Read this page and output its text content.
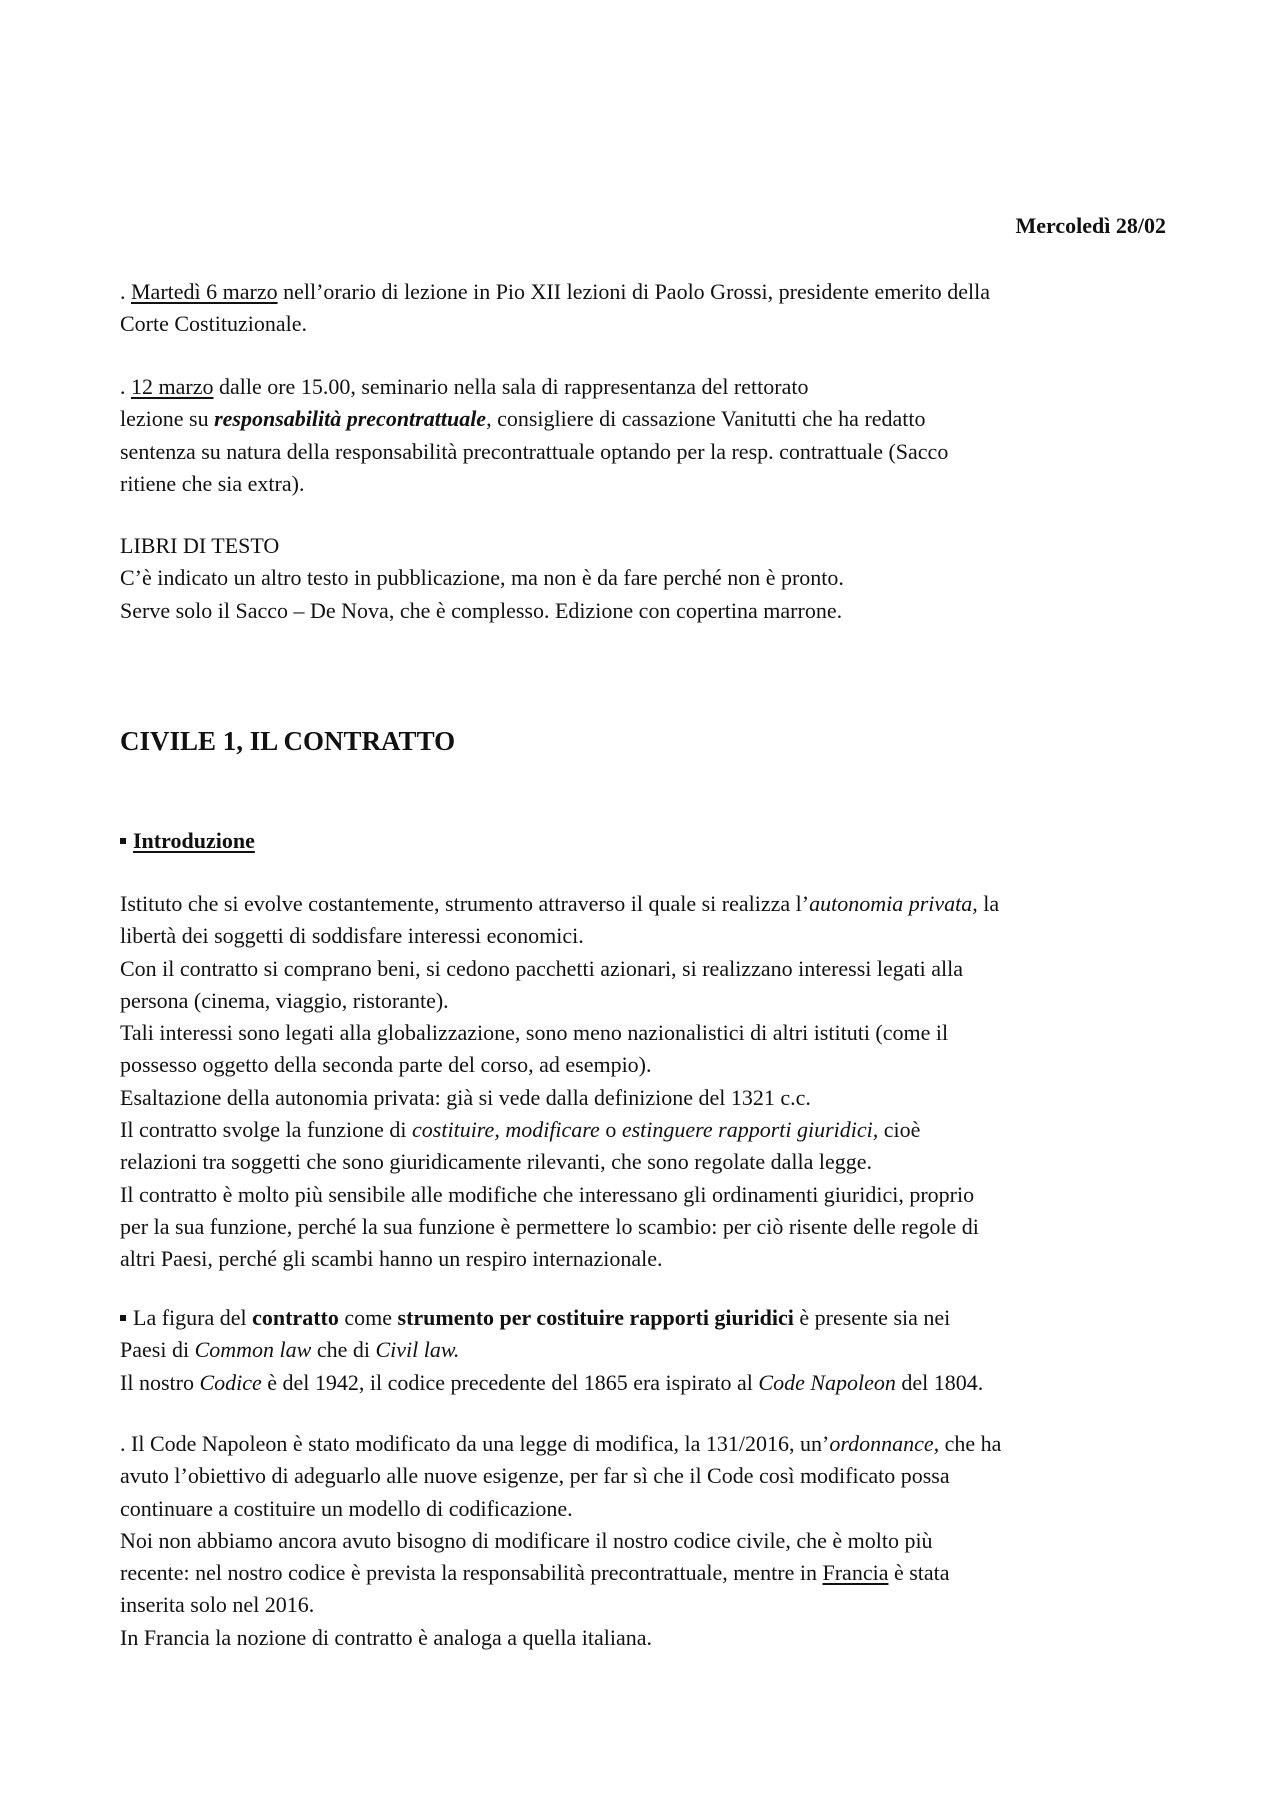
Mercoledì 28/02
. Martedì 6 marzo nell’orario di lezione in Pio XII lezioni di Paolo Grossi, presidente emerito della
Corte Costituzionale.
. 12 marzo dalle ore 15.00, seminario nella sala di rappresentanza del rettorato
lezione su responsabilità precontrattuale, consigliere di cassazione Vanitutti che ha redatto
sentenza su natura della responsabilità precontrattuale optando per la resp. contrattuale (Sacco
ritiene che sia extra).
LIBRI DI TESTO
C’è indicato un altro testo in pubblicazione, ma non è da fare perché non è pronto.
Serve solo il Sacco – De Nova, che è complesso. Edizione con copertina marrone.
CIVILE 1, IL CONTRATTO
Introduzione
Istituto che si evolve costantemente, strumento attraverso il quale si realizza l’autonomia privata, la
libertà dei soggetti di soddisfare interessi economici.
Con il contratto si comprano beni, si cedono pacchetti azionari, si realizzano interessi legati alla
persona (cinema, viaggio, ristorante).
Tali interessi sono legati alla globalizzazione, sono meno nazionalistici di altri istituti (come il
possesso oggetto della seconda parte del corso, ad esempio).
Esaltazione della autonomia privata: già si vede dalla definizione del 1321 c.c.
Il contratto svolge la funzione di costituire, modificare o estinguere rapporti giuridici, cioè
relazioni tra soggetti che sono giuridicamente rilevanti, che sono regolate dalla legge.
Il contratto è molto più sensibile alle modifiche che interessano gli ordinamenti giuridici, proprio
per la sua funzione, perché la sua funzione è permettere lo scambio: per ciò risente delle regole di
altri Paesi, perché gli scambi hanno un respiro internazionale.
La figura del contratto come strumento per costituire rapporti giuridici è presente sia nei
Paesi di Common law che di Civil law.
Il nostro Codice è del 1942, il codice precedente del 1865 era ispirato al Code Napoleon del 1804.
. Il Code Napoleon è stato modificato da una legge di modifica, la 131/2016, un’ordonnance, che ha
avuto l’obiettivo di adeguarlo alle nuove esigenze, per far sì che il Code così modificato possa
continuare a costituire un modello di codificazione.
Noi non abbiamo ancora avuto bisogno di modificare il nostro codice civile, che è molto più
recente: nel nostro codice è prevista la responsabilità precontrattuale, mentre in Francia è stata
inserita solo nel 2016.
In Francia la nozione di contratto è analoga a quella italiana.
